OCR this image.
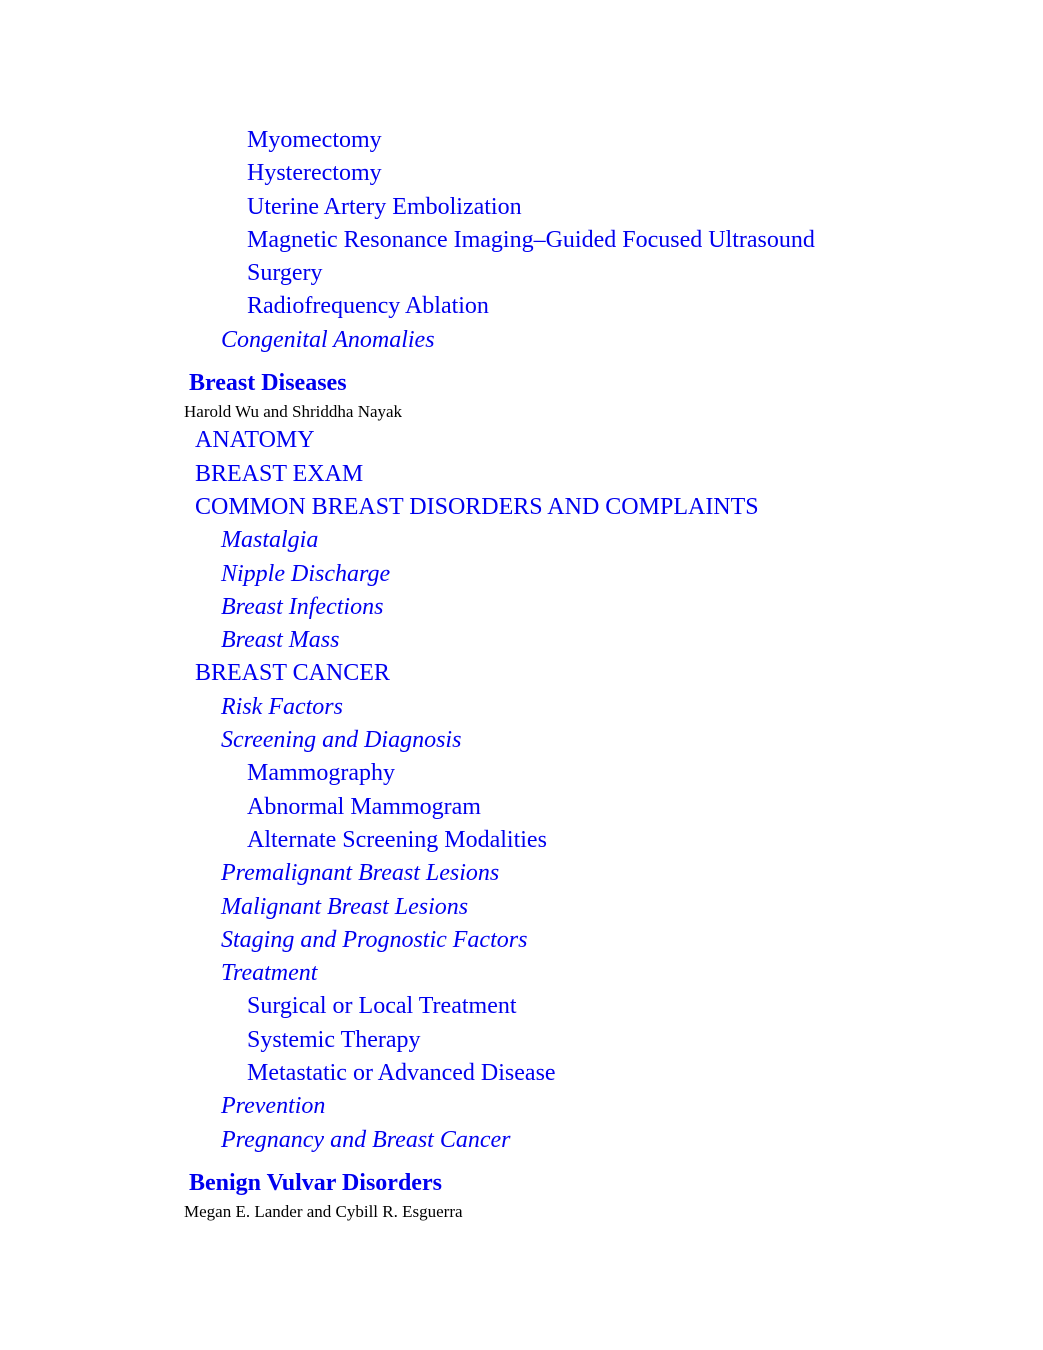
Myomectomy
Hysterectomy
Uterine Artery Embolization
Magnetic Resonance Imaging–Guided Focused Ultrasound
Surgery
Radiofrequency Ablation
Congenital Anomalies
Breast Diseases
Harold Wu and Shriddha Nayak
ANATOMY
BREAST EXAM
COMMON BREAST DISORDERS AND COMPLAINTS
Mastalgia
Nipple Discharge
Breast Infections
Breast Mass
BREAST CANCER
Risk Factors
Screening and Diagnosis
Mammography
Abnormal Mammogram
Alternate Screening Modalities
Premalignant Breast Lesions
Malignant Breast Lesions
Staging and Prognostic Factors
Treatment
Surgical or Local Treatment
Systemic Therapy
Metastatic or Advanced Disease
Prevention
Pregnancy and Breast Cancer
Benign Vulvar Disorders
Megan E. Lander and Cybill R. Esguerra
